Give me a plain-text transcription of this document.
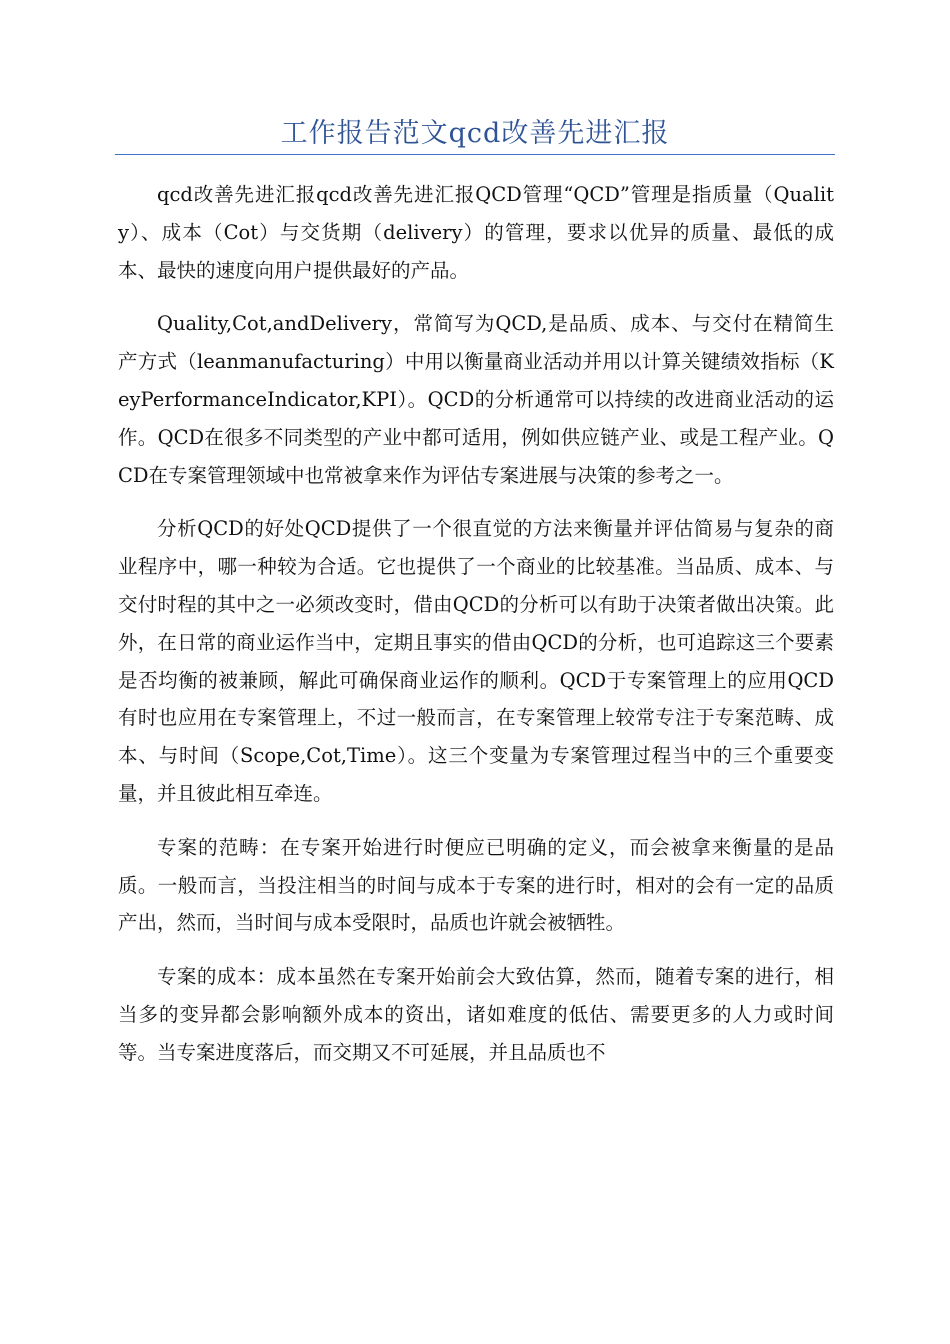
工作报告范文qcd改善先进汇报

qcd改善先进汇报qcd改善先进汇报QCD管理“QCD”管理是指质量（Quality）、成本（Cot）与交货期（delivery）的管理，要求以优异的质量、最低的成本、最快的速度向用户提供最好的产品。

Quality,Cot,andDelivery，常简写为QCD,是品质、成本、与交付在精简生产方式（leanmanufacturing）中用以衡量商业活动并用以计算关键绩效指标（KeyPerformanceIndicator,KPI）。QCD的分析通常可以持续的改进商业活动的运作。QCD在很多不同类型的产业中都可适用，例如供应链产业、或是工程产业。QCD在专案管理领域中也常被拿来作为评估专案进展与决策的参考之一。

分析QCD的好处QCD提供了一个很直觉的方法来衡量并评估简易与复杂的商业程序中，哪一种较为合适。它也提供了一个商业的比较基准。当品质、成本、与交付时程的其中之一必须改变时，借由QCD的分析可以有助于决策者做出决策。此外，在日常的商业运作当中，定期且事实的借由QCD的分析，也可追踪这三个要素是否均衡的被兼顾，解此可确保商业运作的顺利。QCD于专案管理上的应用QCD有时也应用在专案管理上，不过一般而言，在专案管理上较常专注于专案范畴、成本、与时间（Scope,Cot,Time）。这三个变量为专案管理过程当中的三个重要变量，并且彼此相互牵连。

专案的范畴：在专案开始进行时便应已明确的定义，而会被拿来衡量的是品质。一般而言，当投注相当的时间与成本于专案的进行时，相对的会有一定的品质产出，然而，当时间与成本受限时，品质也许就会被牺牲。

专案的成本：成本虽然在专案开始前会大致估算，然而，随着专案的进行，相当多的变异都会影响额外成本的资出，诸如难度的低估、需要更多的人力或时间等。当专案进度落后，而交期又不可延展，并且品质也不
